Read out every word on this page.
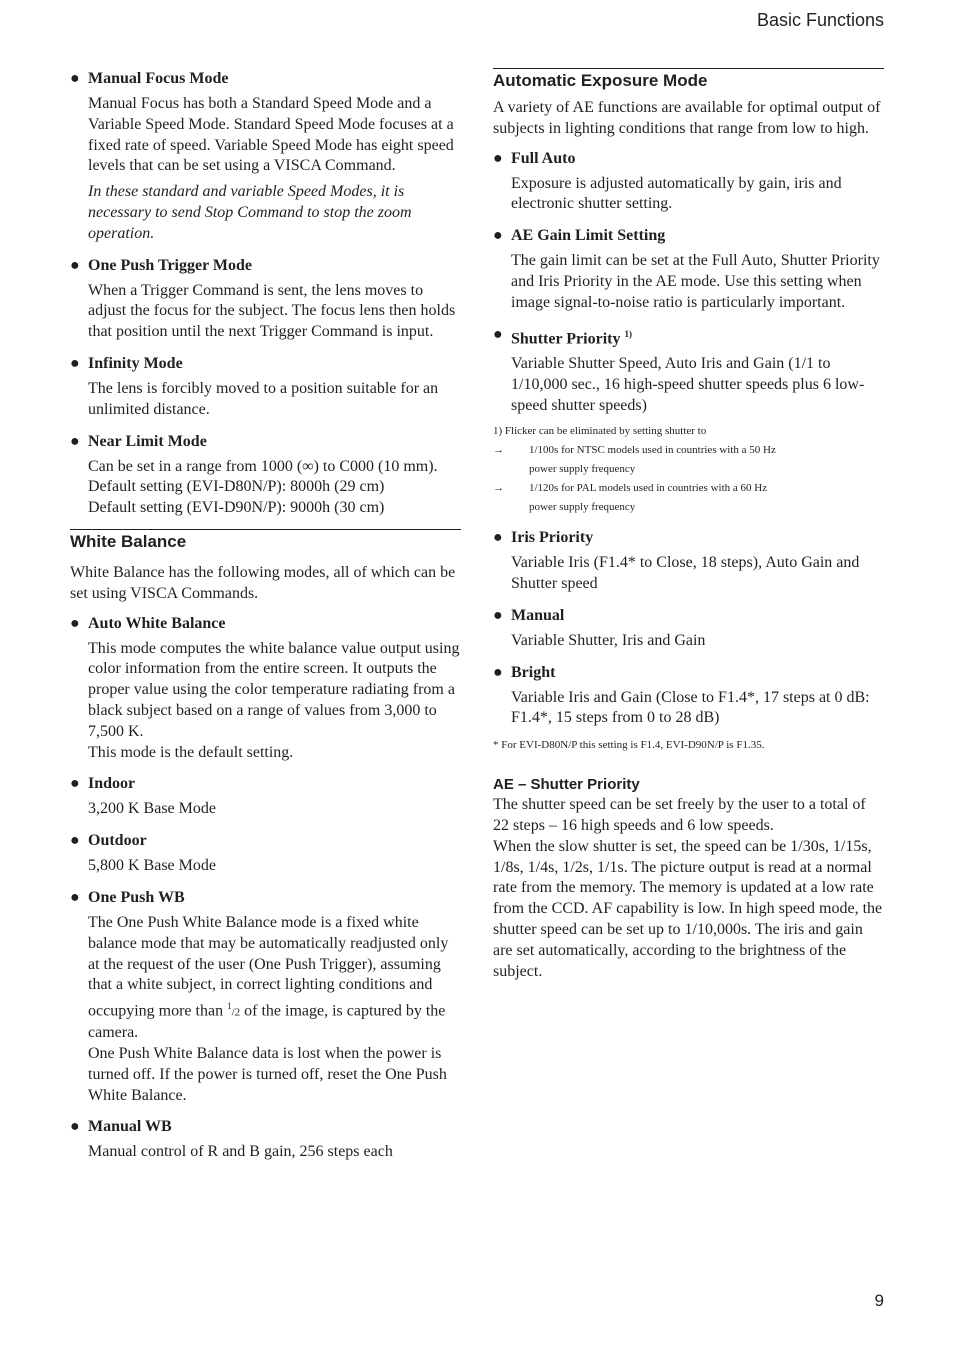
Basic Functions
● Manual Focus Mode

Manual Focus has both a Standard Speed Mode and a Variable Speed Mode. Standard Speed Mode focuses at a fixed rate of speed. Variable Speed Mode has eight speed levels that can be set using a VISCA Command.

In these standard and variable Speed Modes, it is necessary to send Stop Command to stop the zoom operation.

● One Push Trigger Mode

When a Trigger Command is sent, the lens moves to adjust the focus for the subject. The focus lens then holds that position until the next Trigger Command is input.

● Infinity Mode

The lens is forcibly moved to a position suitable for an unlimited distance.

● Near Limit Mode

Can be set in a range from 1000 (∞) to C000 (10 mm).

Default setting (EVI-D80N/P): 8000h (29 cm)

Default setting (EVI-D90N/P): 9000h (30 cm)

White Balance

White Balance has the following modes, all of which can be set using VISCA Commands.

● Auto White Balance

This mode computes the white balance value output using color information from the entire screen. It outputs the proper value using the color temperature radiating from a black subject based on a range of values from 3,000 to 7,500 K.

This mode is the default setting.

● Indoor

3,200 K Base Mode

● Outdoor

5,800 K Base Mode

● One Push WB

The One Push White Balance mode is a fixed white balance mode that may be automatically readjusted only at the request of the user (One Push Trigger), assuming that a white subject, in correct lighting conditions and occupying more than $^1$/2 of the image, is captured by the camera.

One Push White Balance data is lost when the power is turned off. If the power is turned off, reset the One Push White Balance.

● Manual WB

Manual control of R and B gain, 256 steps each

Automatic Exposure Mode

A variety of AE functions are available for optimal output of subjects in lighting conditions that range from low to high.

● Full Auto

Exposure is adjusted automatically by gain, iris and electronic shutter setting.

● AE Gain Limit Setting

The gain limit can be set at the Full Auto, Shutter Priority and Iris Priority in the AE mode. Use this setting when image signal-to-noise ratio is particularly important.

● Shutter Priority $^{1)}$

Variable Shutter Speed, Auto Iris and Gain (1/1 to 1/10,000 sec., 16 high-speed shutter speeds plus 6 low-speed shutter speeds)

1) Flicker can be eliminated by setting shutter to
→	1/100s for NTSC models used in countries with a 50 Hz
power supply frequency
→	1/120s for PAL models used in countries with a 60 Hz
power supply frequency
● Iris Priority

Variable Iris (F1.4* to Close, 18 steps), Auto Gain and Shutter speed

● Manual

Variable Shutter, Iris and Gain

● Bright

Variable Iris and Gain (Close to F1.4*, 17 steps at 0 dB: F1.4*, 15 steps from 0 to 28 dB)

* For EVI-D80N/P this setting is F1.4, EVI-D90N/P is F1.35.
AE – Shutter Priority

The shutter speed can be set freely by the user to a total of 22 steps – 16 high speeds and 6 low speeds.

When the slow shutter is set, the speed can be 1/30s, 1/15s, 1/8s, 1/4s, 1/2s, 1/1s. The picture output is read at a normal rate from the memory. The memory is updated at a low rate from the CCD. AF capability is low. In high speed mode, the shutter speed can be set up to 1/10,000s. The iris and gain are set automatically, according to the brightness of the subject.

9
